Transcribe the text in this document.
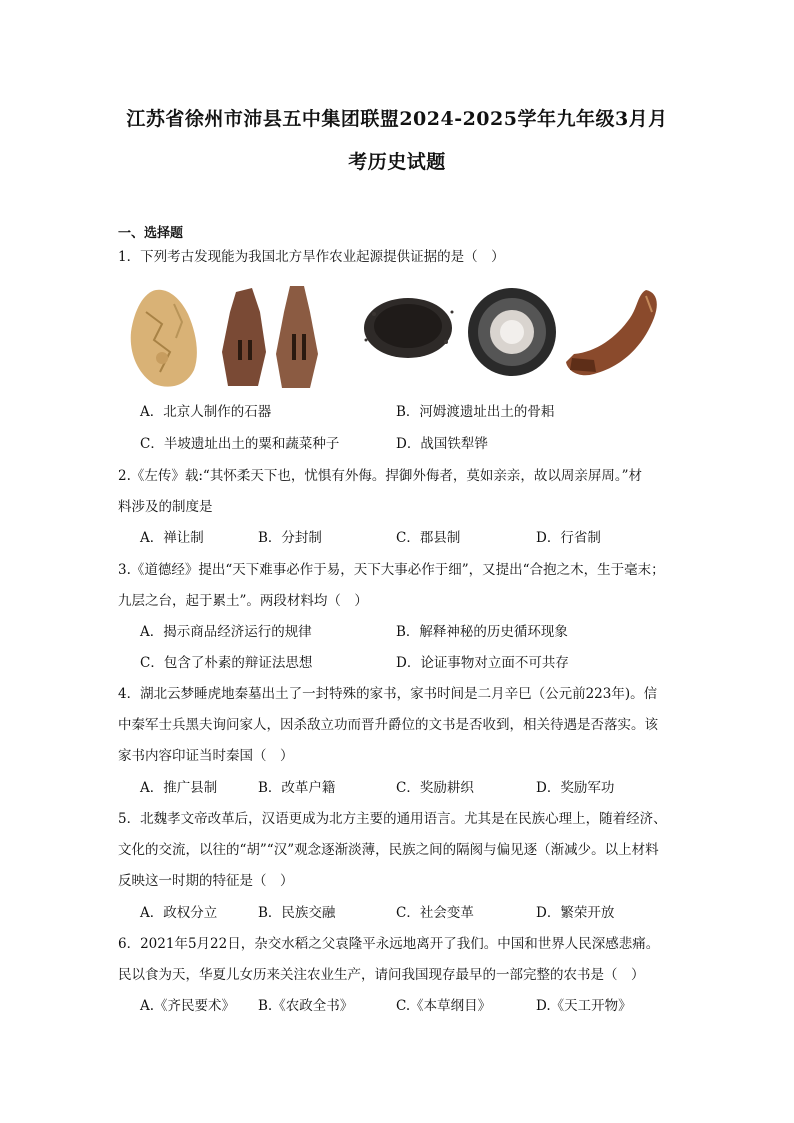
江苏省徐州市沛县五中集团联盟2024-2025学年九年级3月月
考历史试题
一、选择题
1．下列考古发现能为我国北方旱作农业起源提供证据的是（　）
A．北京人制作的石器	B．河姆渡遗址出土的骨耜
C．半坡遗址出土的粟和蔬菜种子	D．战国铁犁铧
2.《左传》载:“其怀柔天下也，忧惧有外侮。捍御外侮者，莫如亲亲，故以周亲屏周。”材
料涉及的制度是
A．禅让制	B．分封制	C．郡县制	D．行省制
3.《道德经》提出“天下难事必作于易，天下大事必作于细”，又提出“合抱之木，生于毫末；
九层之台，起于累土”。两段材料均（　）
A．揭示商品经济运行的规律	B．解释神秘的历史循环现象
C．包含了朴素的辩证法思想	D．论证事物对立面不可共存
4．湖北云梦睡虎地秦墓出土了一封特殊的家书，家书时间是二月辛巳（公元前223年)。信
中秦军士兵黑夫询问家人，因杀敌立功而晋升爵位的文书是否收到，相关待遇是否落实。该
家书内容印证当时秦国（　）
A．推广县制	B．改革户籍	C．奖励耕织	D．奖励军功
5．北魏孝文帝改革后，汉语更成为北方主要的通用语言。尤其是在民族心理上，随着经济、
文化的交流，以往的“胡”“汉”观念逐渐淡薄，民族之间的隔阂与偏见逐（渐减少。以上材料
反映这一时期的特征是（　）
A．政权分立	B．民族交融	C．社会变革	D．繁荣开放
6．2021年5月22日，杂交水稻之父袁隆平永远地离开了我们。中国和世界人民深感悲痛。
民以食为天，华夏儿女历来关注农业生产，请问我国现存最早的一部完整的农书是（　）
A.《齐民要术》 B.《农政全书》	C.《本草纲目》	D.《天工开物》
